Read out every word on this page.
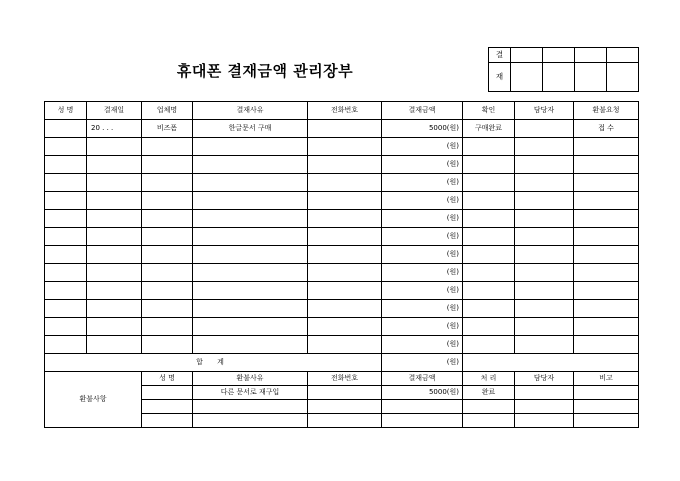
휴대폰 결재금액 관리장부
결				
재				
성 명	결재일	업체명	결재사유	전화번호	결재금액	확인	담당자	환불요청
	20 . . .	비즈폼	한글문서 구매		5000(원)	구매완료		접 수
					(원)			
					(원)			
					(원)			
					(원)			
					(원)			
					(원)			
					(원)			
					(원)			
					(원)			
					(원)			
					(원)			
					(원)			
합 계					(원)			
환불사항		성 명	환불사유	전화번호	결재금액	처 리	담당자	비고
			다른 문서로 재구입		5000(원)	완료		
